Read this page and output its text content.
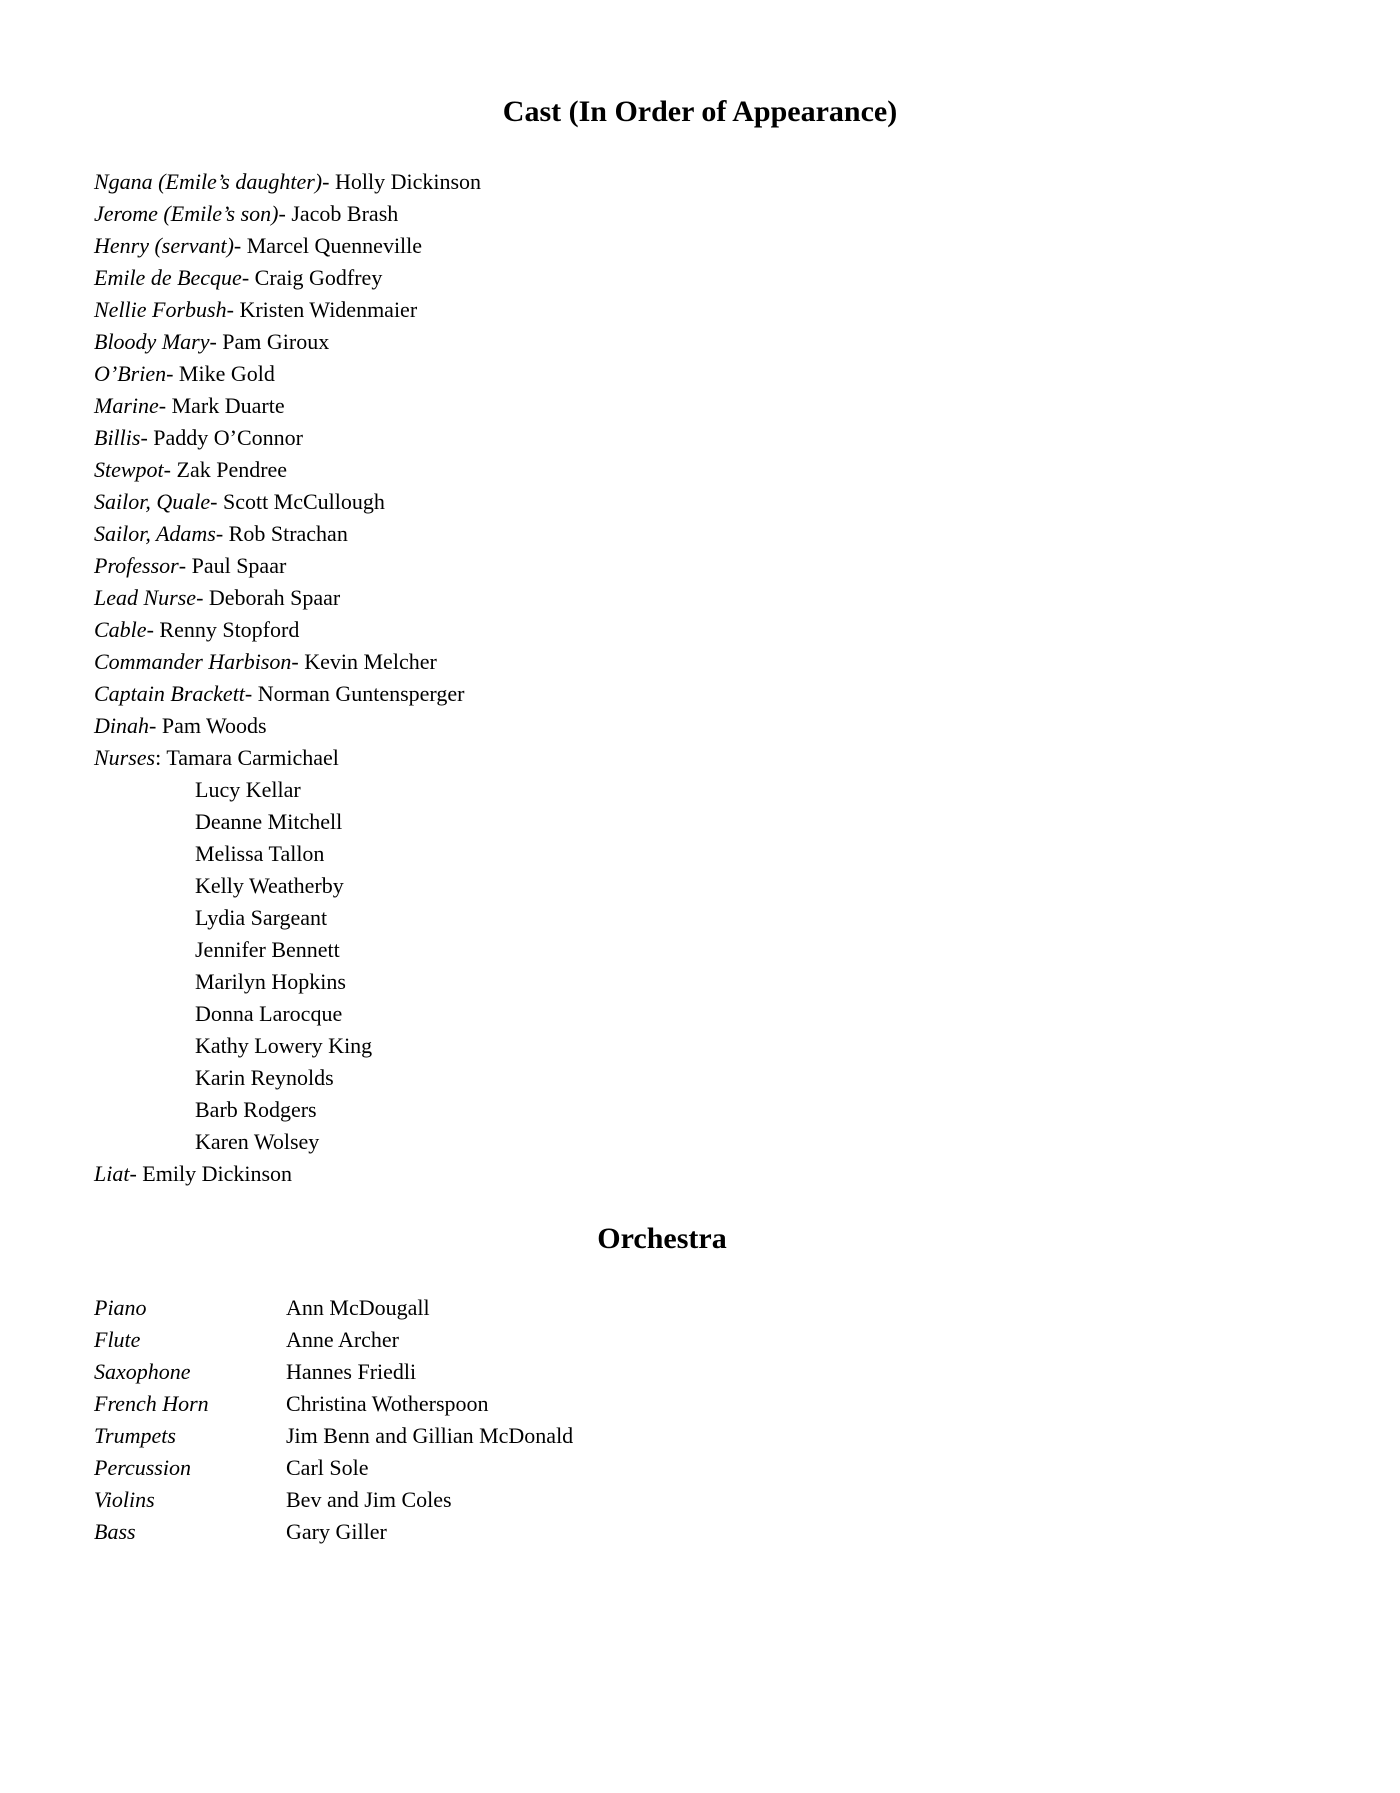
Cast (In Order of Appearance)
Ngana (Emile’s daughter)- Holly Dickinson
Jerome (Emile’s son)- Jacob Brash
Henry (servant)- Marcel Quenneville
Emile de Becque- Craig Godfrey
Nellie Forbush- Kristen Widenmaier
Bloody Mary- Pam Giroux
O’Brien- Mike Gold
Marine- Mark Duarte
Billis- Paddy O’Connor
Stewpot- Zak Pendree
Sailor, Quale- Scott McCullough
Sailor, Adams- Rob Strachan
Professor- Paul Spaar
Lead Nurse- Deborah Spaar
Cable- Renny Stopford
Commander Harbison- Kevin Melcher
Captain Brackett- Norman Guntensperger
Dinah- Pam Woods
Nurses: Tamara Carmichael
Lucy Kellar
Deanne Mitchell
Melissa Tallon
Kelly Weatherby
Lydia Sargeant
Jennifer Bennett
Marilyn Hopkins
Donna Larocque
Kathy Lowery King
Karin Reynolds
Barb Rodgers
Karen Wolsey
Liat- Emily Dickinson
Orchestra
Piano	Ann McDougall
Flute	Anne Archer
Saxophone	Hannes Friedli
French Horn	Christina Wotherspoon
Trumpets	Jim Benn and Gillian McDonald
Percussion	Carl Sole
Violins	Bev and Jim Coles
Bass	Gary Giller
